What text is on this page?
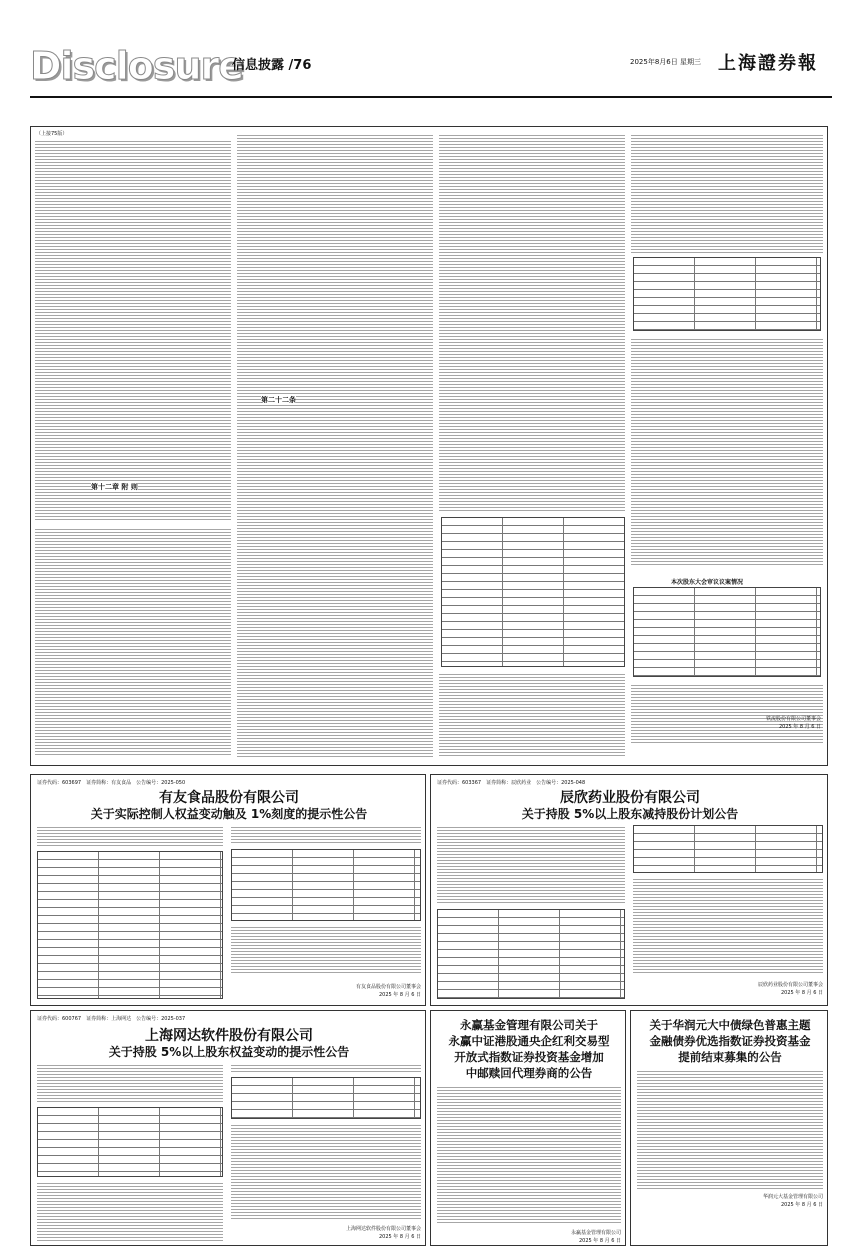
Disclosure
信息披露 /76	2025年8月6日 星期三 上海證券報
（上接75版）
第十二章 附 则
第二十二条
本次股东大会审议议案情况
铁流股份有限公司董事会
2025 年 8 月 6 日
证券代码：603697　证券简称：有友食品　公告编号：2025-050
有友食品股份有限公司
关于实际控制人权益变动触及 1%刻度的提示性公告
有友食品股份有限公司董事会
2025 年 8 月 6 日
证券代码：603367　证券简称：辰欣药业　公告编号：2025-048
辰欣药业股份有限公司
关于持股 5%以上股东减持股份计划公告
辰欣药业股份有限公司董事会
2025 年 8 月 6 日
证券代码：600767　证券简称：上海网达　公告编号：2025-037
上海网达软件股份有限公司
关于持股 5%以上股东权益变动的提示性公告
上海网达软件股份有限公司董事会
2025 年 8 月 6 日
永赢基金管理有限公司关于
永赢中证港股通央企红利交易型
开放式指数证券投资基金增加
中邮赎回代理券商的公告
永赢基金管理有限公司
2025 年 8 月 6 日
关于华润元大中债绿色普惠主题
金融债券优选指数证券投资基金
提前结束募集的公告
华润元大基金管理有限公司
2025 年 8 月 6 日
